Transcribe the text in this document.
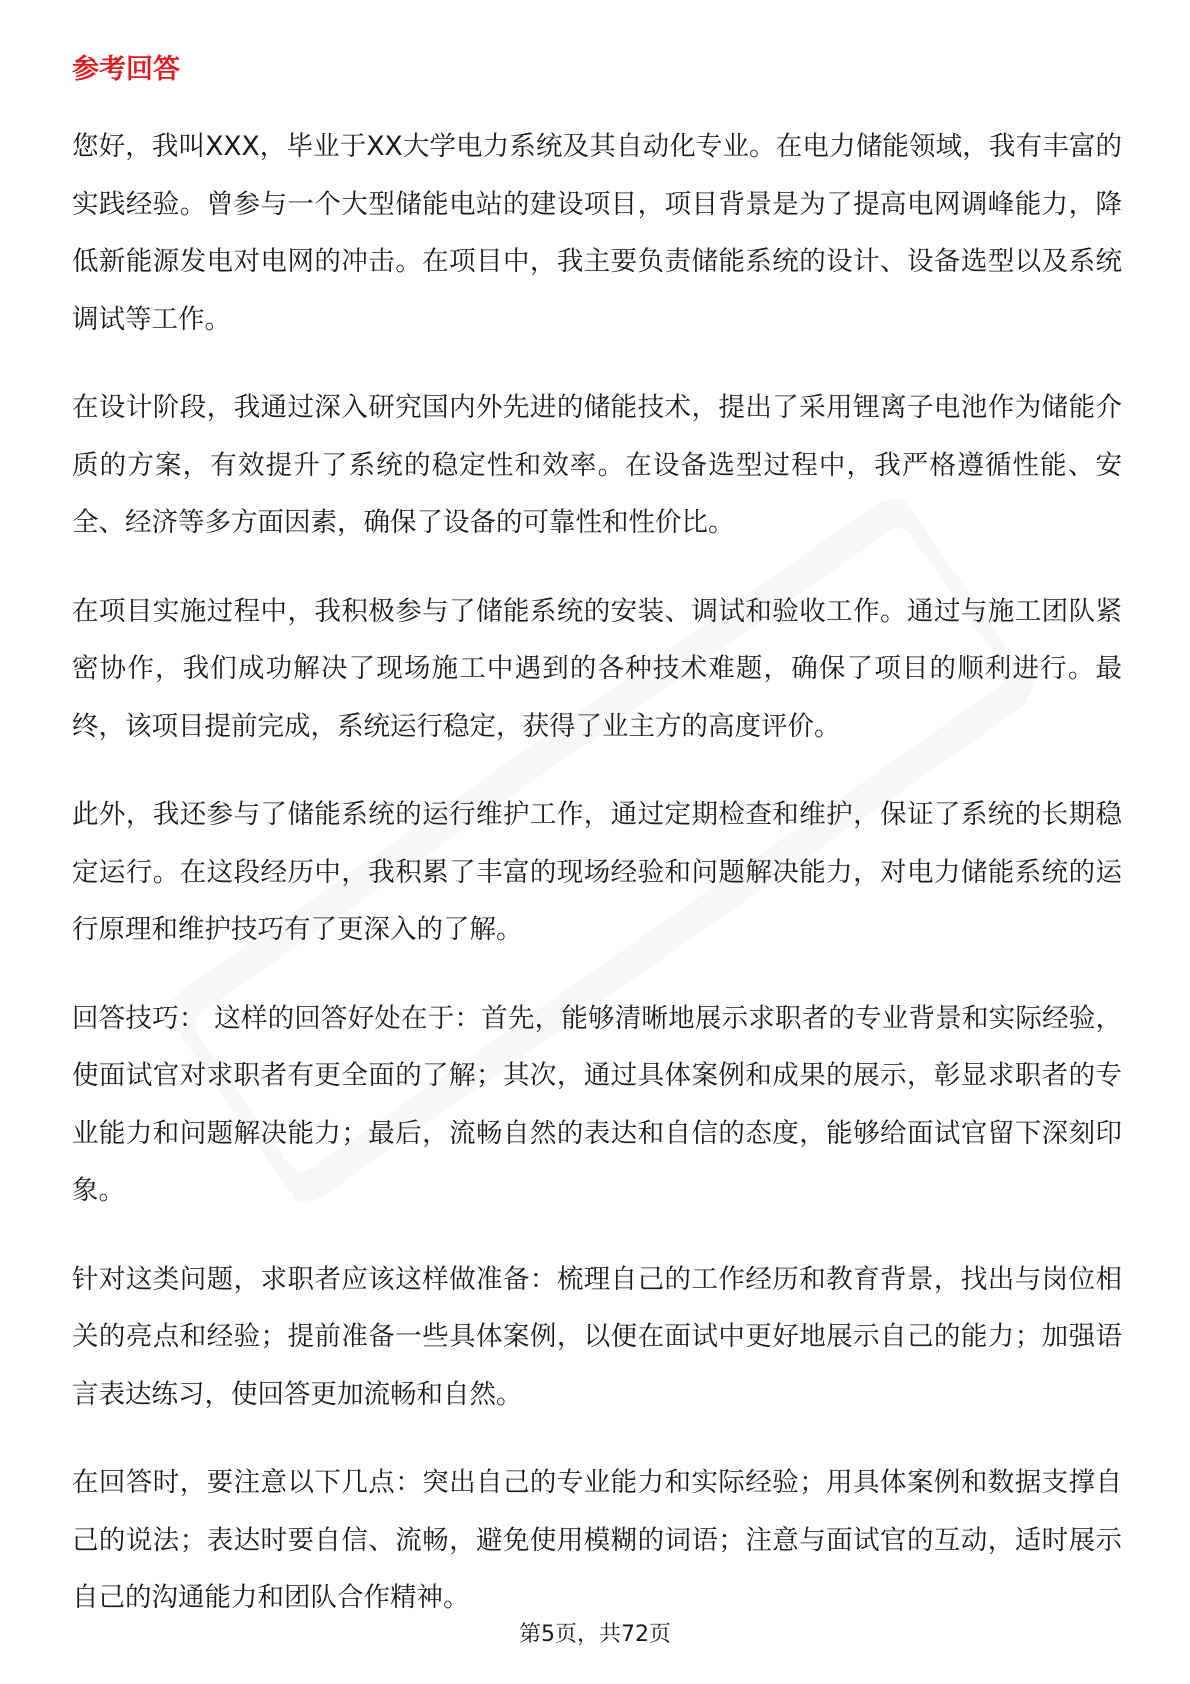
参考回答

您好，我叫XXX，毕业于XX大学电力系统及其自动化专业。在电力储能领域，我有丰富的实践经验。曾参与一个大型储能电站的建设项目，项目背景是为了提高电网调峰能力，降低新能源发电对电网的冲击。在项目中，我主要负责储能系统的设计、设备选型以及系统调试等工作。

在设计阶段，我通过深入研究国内外先进的储能技术，提出了采用锂离子电池作为储能介质的方案，有效提升了系统的稳定性和效率。在设备选型过程中，我严格遵循性能、安全、经济等多方面因素，确保了设备的可靠性和性价比。

在项目实施过程中，我积极参与了储能系统的安装、调试和验收工作。通过与施工团队紧密协作，我们成功解决了现场施工中遇到的各种技术难题，确保了项目的顺利进行。最终，该项目提前完成，系统运行稳定，获得了业主方的高度评价。

此外，我还参与了储能系统的运行维护工作，通过定期检查和维护，保证了系统的长期稳定运行。在这段经历中，我积累了丰富的现场经验和问题解决能力，对电力储能系统的运行原理和维护技巧有了更深入的了解。

回答技巧： 这样的回答好处在于：首先，能够清晰地展示求职者的专业背景和实际经验，使面试官对求职者有更全面的了解；其次，通过具体案例和成果的展示，彰显求职者的专业能力和问题解决能力；最后，流畅自然的表达和自信的态度，能够给面试官留下深刻印象。

针对这类问题，求职者应该这样做准备：梳理自己的工作经历和教育背景，找出与岗位相关的亮点和经验；提前准备一些具体案例，以便在面试中更好地展示自己的能力；加强语言表达练习，使回答更加流畅和自然。

在回答时，要注意以下几点：突出自己的专业能力和实际经验；用具体案例和数据支撑自己的说法；表达时要自信、流畅，避免使用模糊的词语；注意与面试官的互动，适时展示自己的沟通能力和团队合作精神。

第5页，共72页
